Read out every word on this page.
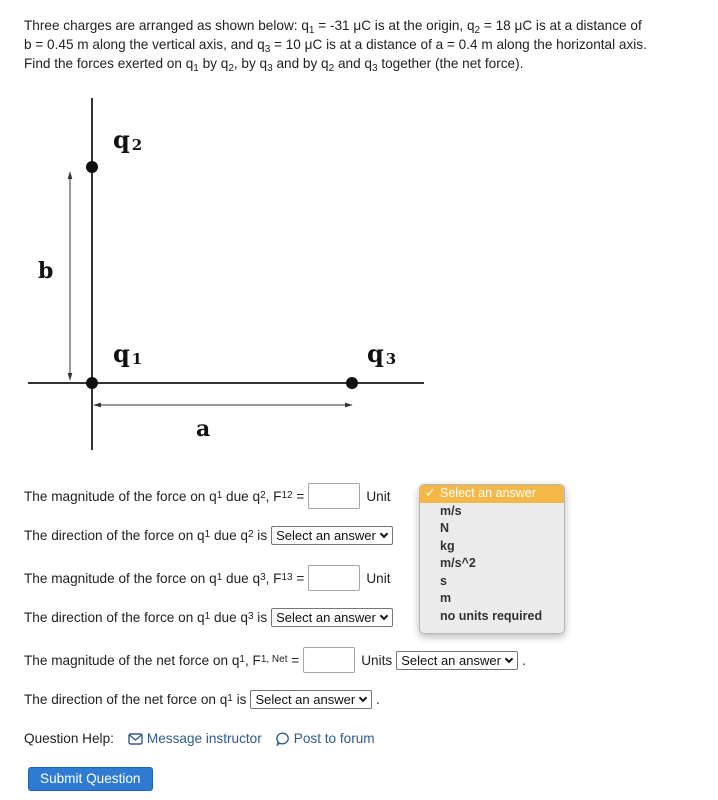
Three charges are arranged as shown below: $q_1 = -31$ μC is at the origin, $q_2 = 18$ μC is at a distance of
b = 0.45 m along the vertical axis, and $q_3 = 10$ μC is at a distance of a = 0.4 m along the horizontal axis.
Find the forces exerted on $q_1$ by $q_2$, by $q_3$ and by $q_2$ and $q_3$ together (the net force).
q 2
q 1	q 3
b
a
The magnitude of the force on q 1 due q 2 , F 12 =	Unit
The direction of the force on q 1 due q 2 is Select an answer
The magnitude of the force on q 1 due q 3 , F 13 =	Unit
The direction of the force on q 1 due q 3 is Select an answer
The magnitude of the net force on q 1 , F 1, Net =	Units Select an answer .
The direction of the net force on q 1 is Select an answer .
✓ Select an answer
m/s
N
kg
m/s^2
s
m
no units required
Question Help: Message instructor Post to forum
Submit Question
